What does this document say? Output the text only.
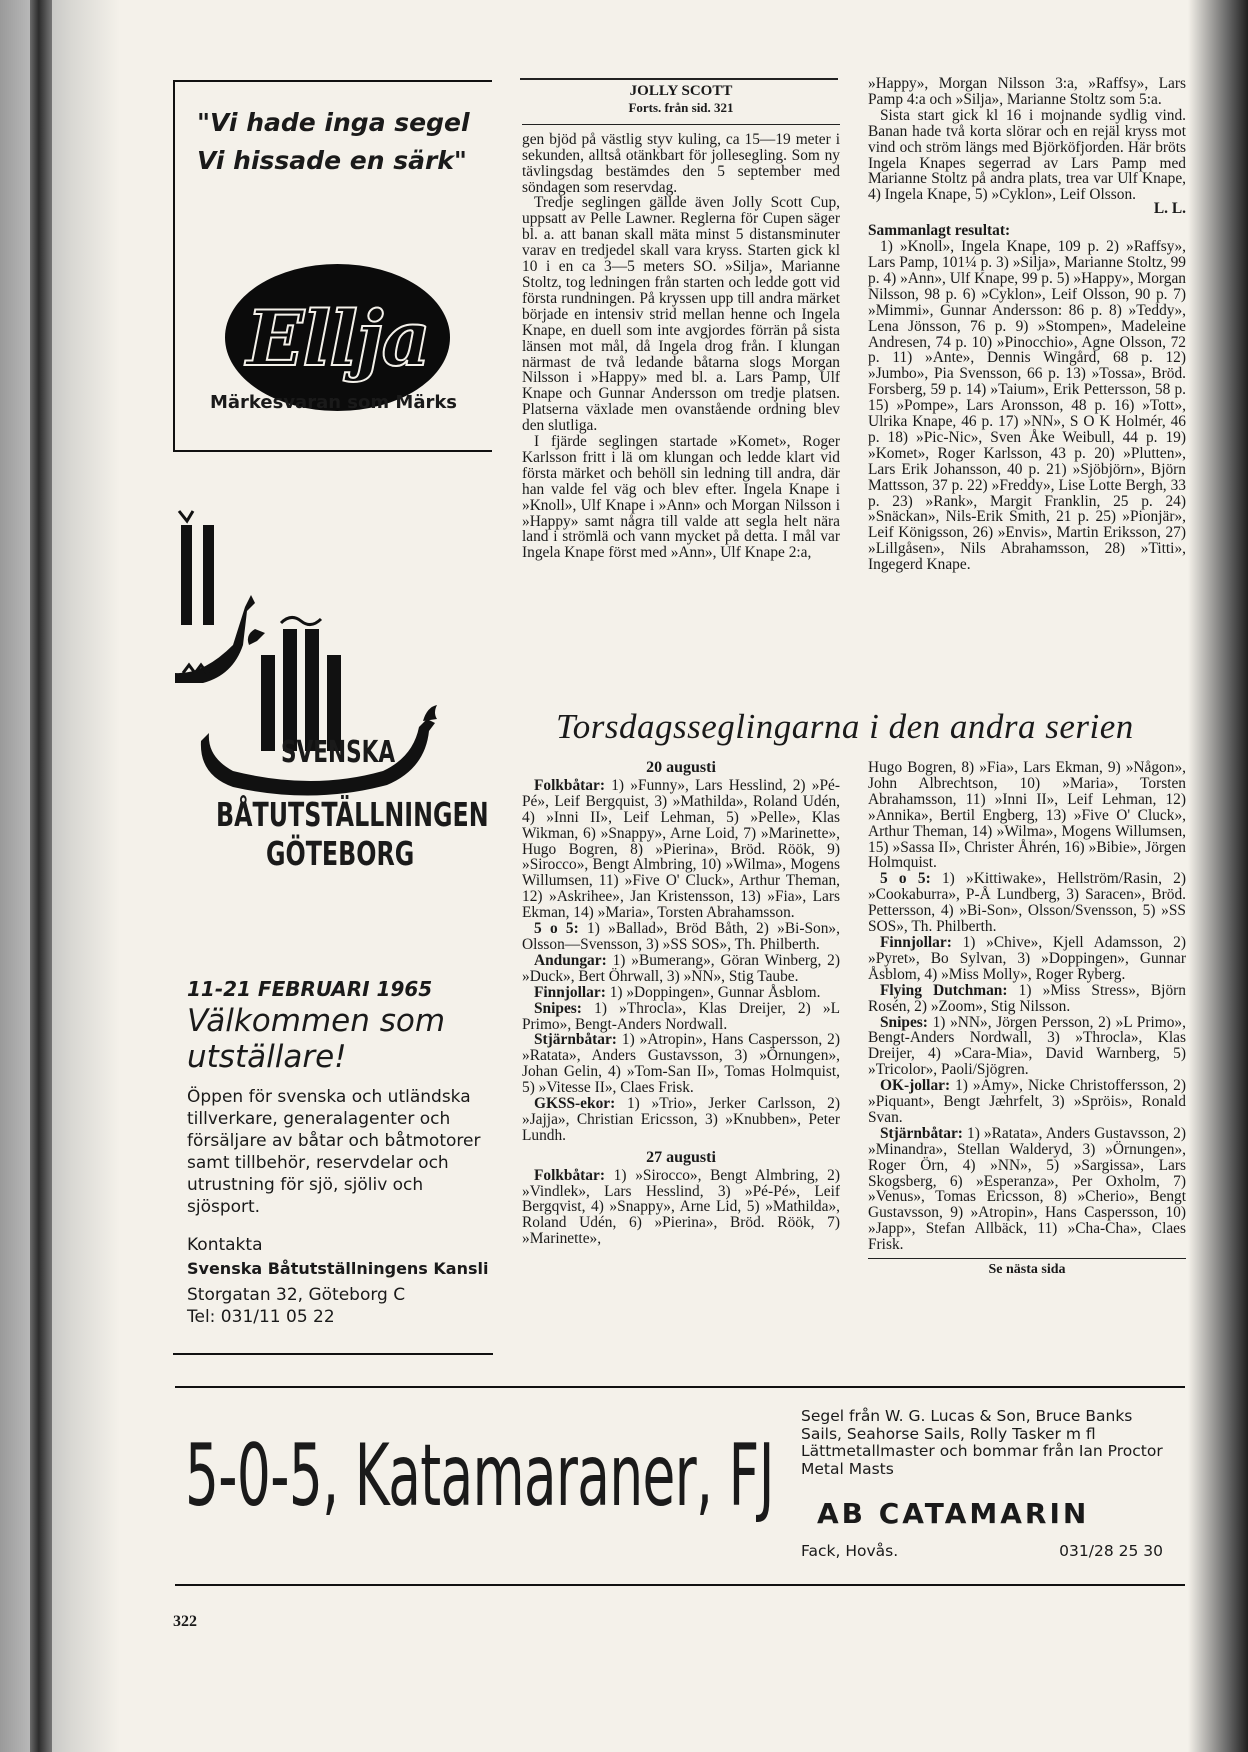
"Vi hade inga segel
Vi hissade en särk"
Ellja
Märkesvaran som Märks
SVENSKA
BÅTUTSTÄLLNINGEN
GÖTEBORG
11-21 FEBRUARI 1965
Välkommen som utställare!
Öppen för svenska och utländska tillverkare, generalagenter och försäljare av båtar och båtmotorer samt tillbehör, reservdelar och utrustning för sjö, sjöliv och sjösport.
Kontakta
Svenska Båtutställningens Kansli
Storgatan 32, Göteborg C
Tel: 031/11 05 22
JOLLY SCOTT
Forts. från sid. 321

gen bjöd på västlig styv kuling, ca 15—19 meter i sekunden, alltså otänkbart för jollesegling. Som ny tävlingsdag bestämdes den 5 september med söndagen som reservdag.

Tredje seglingen gällde även Jolly Scott Cup, uppsatt av Pelle Lawner. Reglerna för Cupen säger bl. a. att banan skall mäta minst 5 distansminuter varav en tredjedel skall vara kryss. Starten gick kl 10 i en ca 3—5 meters SO. »Silja», Marianne Stoltz, tog ledningen från starten och ledde gott vid första rundningen. På kryssen upp till andra märket började en intensiv strid mellan henne och Ingela Knape, en duell som inte avgjordes förrän på sista länsen mot mål, då Ingela drog från. I klungan närmast de två ledande båtarna slogs Morgan Nilsson i »Happy» med bl. a. Lars Pamp, Ulf Knape och Gunnar Andersson om tredje platsen. Platserna växlade men ovanstående ordning blev den slutliga.

I fjärde seglingen startade »Komet», Roger Karlsson fritt i lä om klungan och ledde klart vid första märket och behöll sin ledning till andra, där han valde fel väg och blev efter. Ingela Knape i »Knoll», Ulf Knape i »Ann» och Morgan Nilsson i »Happy» samt några till valde att segla helt nära land i strömlä och vann mycket på detta. I mål var Ingela Knape först med »Ann», Ulf Knape 2:a,

»Happy», Morgan Nilsson 3:a, »Raffsy», Lars Pamp 4:a och »Silja», Marianne Stoltz som 5:a.

Sista start gick kl 16 i mojnande sydlig vind. Banan hade två korta slörar och en rejäl kryss mot vind och ström längs med Björköfjorden. Här bröts Ingela Knapes segerrad av Lars Pamp med Marianne Stoltz på andra plats, trea var Ulf Knape, 4) Ingela Knape, 5) »Cyklon», Leif Olsson.

L. L.

Sammanlagt resultat:

1) »Knoll», Ingela Knape, 109 p. 2) »Raffsy», Lars Pamp, 101¼ p. 3) »Silja», Marianne Stoltz, 99 p. 4) »Ann», Ulf Knape, 99 p. 5) »Happy», Morgan Nilsson, 98 p. 6) »Cyklon», Leif Olsson, 90 p. 7) »Mimmi», Gunnar Andersson: 86 p. 8) »Teddy», Lena Jönsson, 76 p. 9) »Stompen», Madeleine Andresen, 74 p. 10) »Pinocchio», Agne Olsson, 72 p. 11) »Ante», Dennis Wingård, 68 p. 12) »Jumbo», Pia Svensson, 66 p. 13) »Tossa», Bröd. Forsberg, 59 p. 14) »Taium», Erik Pettersson, 58 p. 15) »Pompe», Lars Aronsson, 48 p. 16) »Tott», Ulrika Knape, 46 p. 17) »NN», S O K Holmér, 46 p. 18) »Pic-Nic», Sven Åke Weibull, 44 p. 19) »Komet», Roger Karlsson, 43 p. 20) »Plutten», Lars Erik Johansson, 40 p. 21) »Sjöbjörn», Björn Mattsson, 37 p. 22) »Freddy», Lise Lotte Bergh, 33 p. 23) »Rank», Margit Franklin, 25 p. 24) »Snäckan», Nils-Erik Smith, 21 p. 25) »Pionjär», Leif Königsson, 26) »Envis», Martin Eriksson, 27) »Lillgåsen», Nils Abrahamsson, 28) »Titti», Ingegerd Knape.

Torsdagsseglingarna i den andra serien
20 augusti

Folkbåtar: 1) »Funny», Lars Hesslind, 2) »Pé-Pé», Leif Bergquist, 3) »Mathilda», Roland Udén, 4) »Inni II», Leif Lehman, 5) »Pelle», Klas Wikman, 6) »Snappy», Arne Loid, 7) »Marinette», Hugo Bogren, 8) »Pierina», Bröd. Röök, 9) »Sirocco», Bengt Almbring, 10) »Wilma», Mogens Willumsen, 11) »Five O' Cluck», Arthur Theman, 12) »Askrihee», Jan Kristensson, 13) »Fia», Lars Ekman, 14) »Maria», Torsten Abrahamsson.

5 o 5: 1) »Ballad», Bröd Båth, 2) »Bi-Son», Olsson—Svensson, 3) »SS SOS», Th. Philberth.

Andungar: 1) »Bumerang», Göran Winberg, 2) »Duck», Bert Öhrwall, 3) »NN», Stig Taube.

Finnjollar: 1) »Doppingen», Gunnar Åsblom.

Snipes: 1) »Throcla», Klas Dreijer, 2) »L Primo», Bengt-Anders Nordwall.

Stjärnbåtar: 1) »Atropin», Hans Caspersson, 2) »Ratata», Anders Gustavsson, 3) »Örnungen», Johan Gelin, 4) »Tom-San II», Tomas Holmquist, 5) »Vitesse II», Claes Frisk.

GKSS-ekor: 1) »Trio», Jerker Carlsson, 2) »Jajja», Christian Ericsson, 3) »Knubben», Peter Lundh.

27 augusti

Folkbåtar: 1) »Sirocco», Bengt Almbring, 2) »Vindlek», Lars Hesslind, 3) »Pé-Pé», Leif Bergqvist, 4) »Snappy», Arne Lid, 5) »Mathilda», Roland Udén, 6) »Pierina», Bröd. Röök, 7) »Marinette»,

Hugo Bogren, 8) »Fia», Lars Ekman, 9) »Någon», John Albrechtson, 10) »Maria», Torsten Abrahamsson, 11) »Inni II», Leif Lehman, 12) »Annika», Bertil Engberg, 13) »Five O' Cluck», Arthur Theman, 14) »Wilma», Mogens Willumsen, 15) »Sassa II», Christer Åhrén, 16) »Bibie», Jörgen Holmquist.

5 o 5: 1) »Kittiwake», Hellström/Rasin, 2) »Cookaburra», P-Å Lundberg, 3) Saracen», Bröd. Pettersson, 4) »Bi-Son», Olsson/Svensson, 5) »SS SOS», Th. Philberth.

Finnjollar: 1) »Chive», Kjell Adamsson, 2) »Pyret», Bo Sylvan, 3) »Doppingen», Gunnar Åsblom, 4) »Miss Molly», Roger Ryberg.

Flying Dutchman: 1) »Miss Stress», Björn Rosén, 2) »Zoom», Stig Nilsson.

Snipes: 1) »NN», Jörgen Persson, 2) »L Primo», Bengt-Anders Nordwall, 3) »Throcla», Klas Dreijer, 4) »Cara-Mia», David Warnberg, 5) »Tricolor», Paoli/Sjögren.

OK-jollar: 1) »Amy», Nicke Christoffersson, 2) »Piquant», Bengt Jæhrfelt, 3) »Spröis», Ronald Svan.

Stjärnbåtar: 1) »Ratata», Anders Gustavsson, 2) »Minandra», Stellan Walderyd, 3) »Örnungen», Roger Örn, 4) »NN», 5) »Sargissa», Lars Skogsberg, 6) »Esperanza», Per Oxholm, 7) »Venus», Tomas Ericsson, 8) »Cherio», Bengt Gustavsson, 9) »Atropin», Hans Caspersson, 10) »Japp», Stefan Allbäck, 11) »Cha-Cha», Claes Frisk.

Se nästa sida
5-0-5, Katamaraner, FJ
Segel från W. G. Lucas & Son, Bruce Banks Sails, Seahorse Sails, Rolly Tasker m fl Lättmetallmaster och bommar från Ian Proctor Metal Masts
AB CATAMARIN
Fack, Hovås.	031/28 25 30
322
